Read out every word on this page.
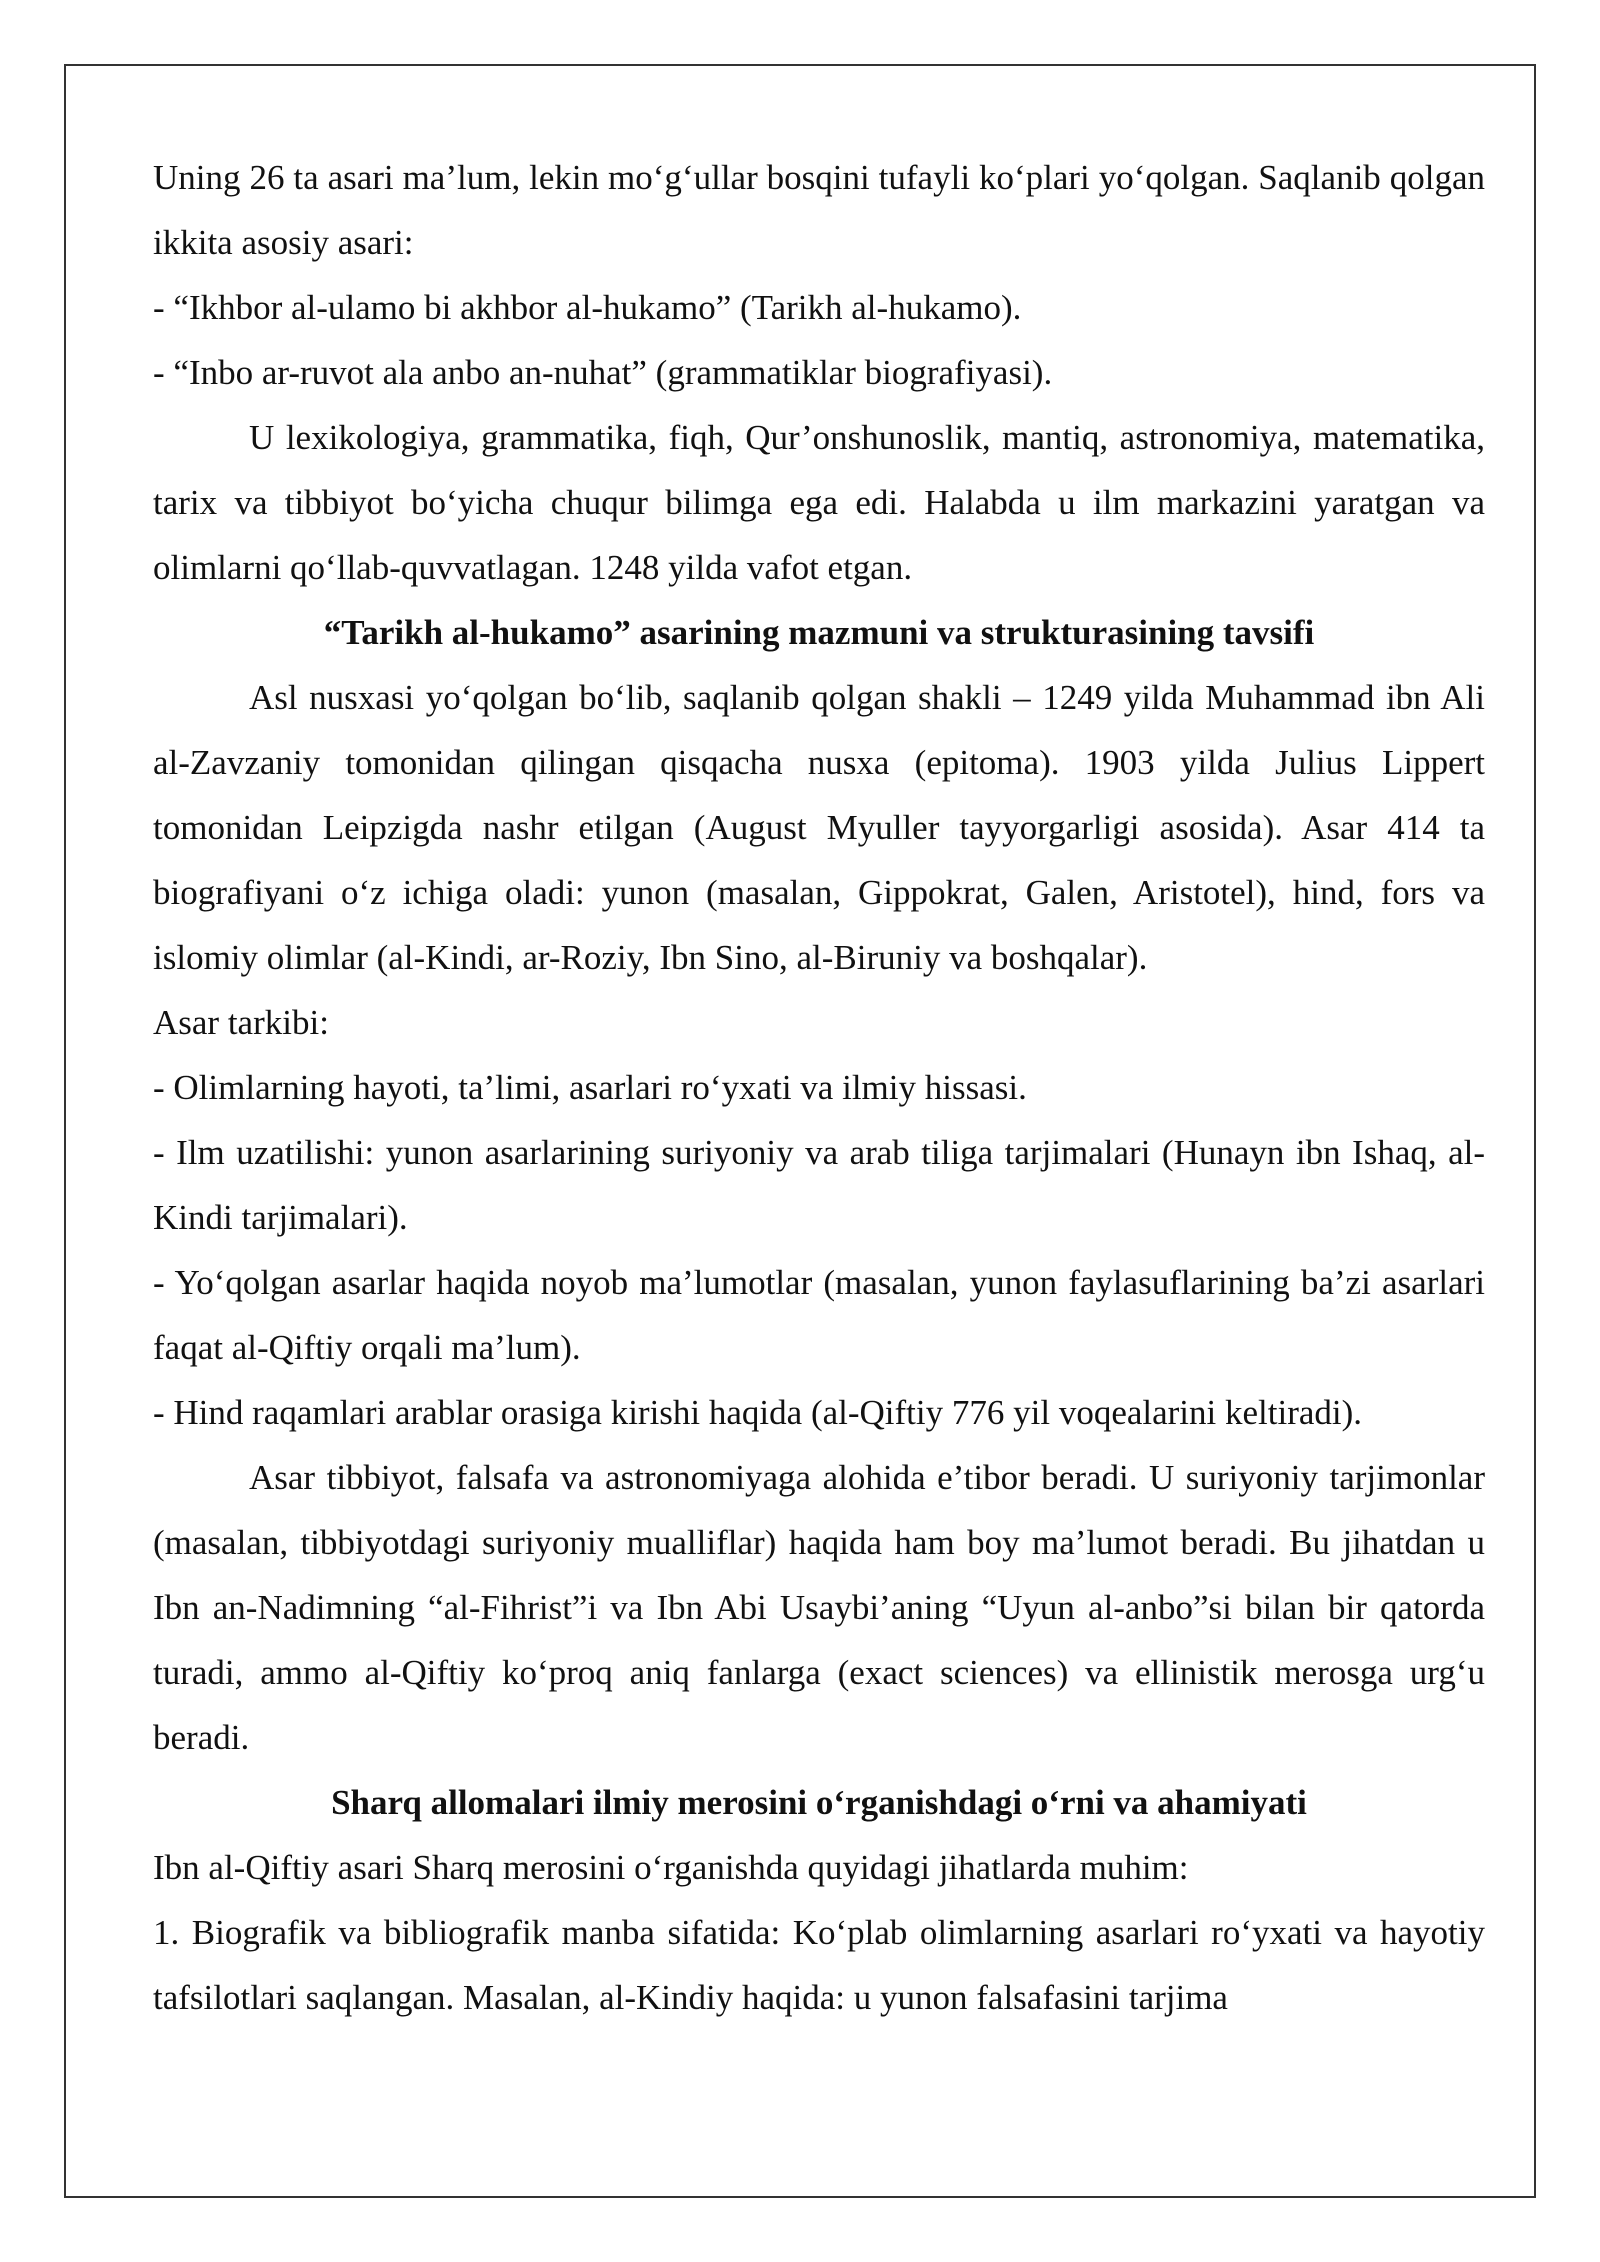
Uning 26 ta asari ma’lum, lekin mo‘g‘ullar bosqini tufayli ko‘plari yo‘qolgan. Saqlanib qolgan ikkita asosiy asari:

- “Ikhbor al-ulamo bi akhbor al-hukamo” (Tarikh al-hukamo).

- “Inbo ar-ruvot ala anbo an-nuhat” (grammatiklar biografiyasi).

U lexikologiya, grammatika, fiqh, Qur’onshunoslik, mantiq, astronomiya, matematika, tarix va tibbiyot bo‘yicha chuqur bilimga ega edi. Halabda u ilm markazini yaratgan va olimlarni qo‘llab-quvvatlagan. 1248 yilda vafot etgan.

“Tarikh al-hukamo” asarining mazmuni va strukturasining tavsifi

Asl nusxasi yo‘qolgan bo‘lib, saqlanib qolgan shakli – 1249 yilda Muhammad ibn Ali al-Zavzaniy tomonidan qilingan qisqacha nusxa (epitoma). 1903 yilda Julius Lippert tomonidan Leipzigda nashr etilgan (August Myuller tayyorgarligi asosida). Asar 414 ta biografiyani o‘z ichiga oladi: yunon (masalan, Gippokrat, Galen, Aristotel), hind, fors va islomiy olimlar (al-Kindi, ar-Roziy, Ibn Sino, al-Biruniy va boshqalar).

Asar tarkibi:

- Olimlarning hayoti, ta’limi, asarlari ro‘yxati va ilmiy hissasi.

- Ilm uzatilishi: yunon asarlarining suriyoniy va arab tiliga tarjimalari (Hunayn ibn Ishaq, al-Kindi tarjimalari).

- Yo‘qolgan asarlar haqida noyob ma’lumotlar (masalan, yunon faylasuflarining ba’zi asarlari faqat al-Qiftiy orqali ma’lum).

- Hind raqamlari arablar orasiga kirishi haqida (al-Qiftiy 776 yil voqealarini keltiradi).

Asar tibbiyot, falsafa va astronomiyaga alohida e’tibor beradi. U suriyoniy tarjimonlar (masalan, tibbiyotdagi suriyoniy mualliflar) haqida ham boy ma’lumot beradi. Bu jihatdan u Ibn an-Nadimning “al-Fihrist”i va Ibn Abi Usaybi’aning “Uyun al-anbo”si bilan bir qatorda turadi, ammo al-Qiftiy ko‘proq aniq fanlarga (exact sciences) va ellinistik merosga urg‘u beradi.

Sharq allomalari ilmiy merosini o‘rganishdagi o‘rni va ahamiyati

Ibn al-Qiftiy asari Sharq merosini o‘rganishda quyidagi jihatlarda muhim:

1. Biografik va bibliografik manba sifatida: Ko‘plab olimlarning asarlari ro‘yxati va hayotiy tafsilotlari saqlangan. Masalan, al-Kindiy haqida: u yunon falsafasini tarjima
